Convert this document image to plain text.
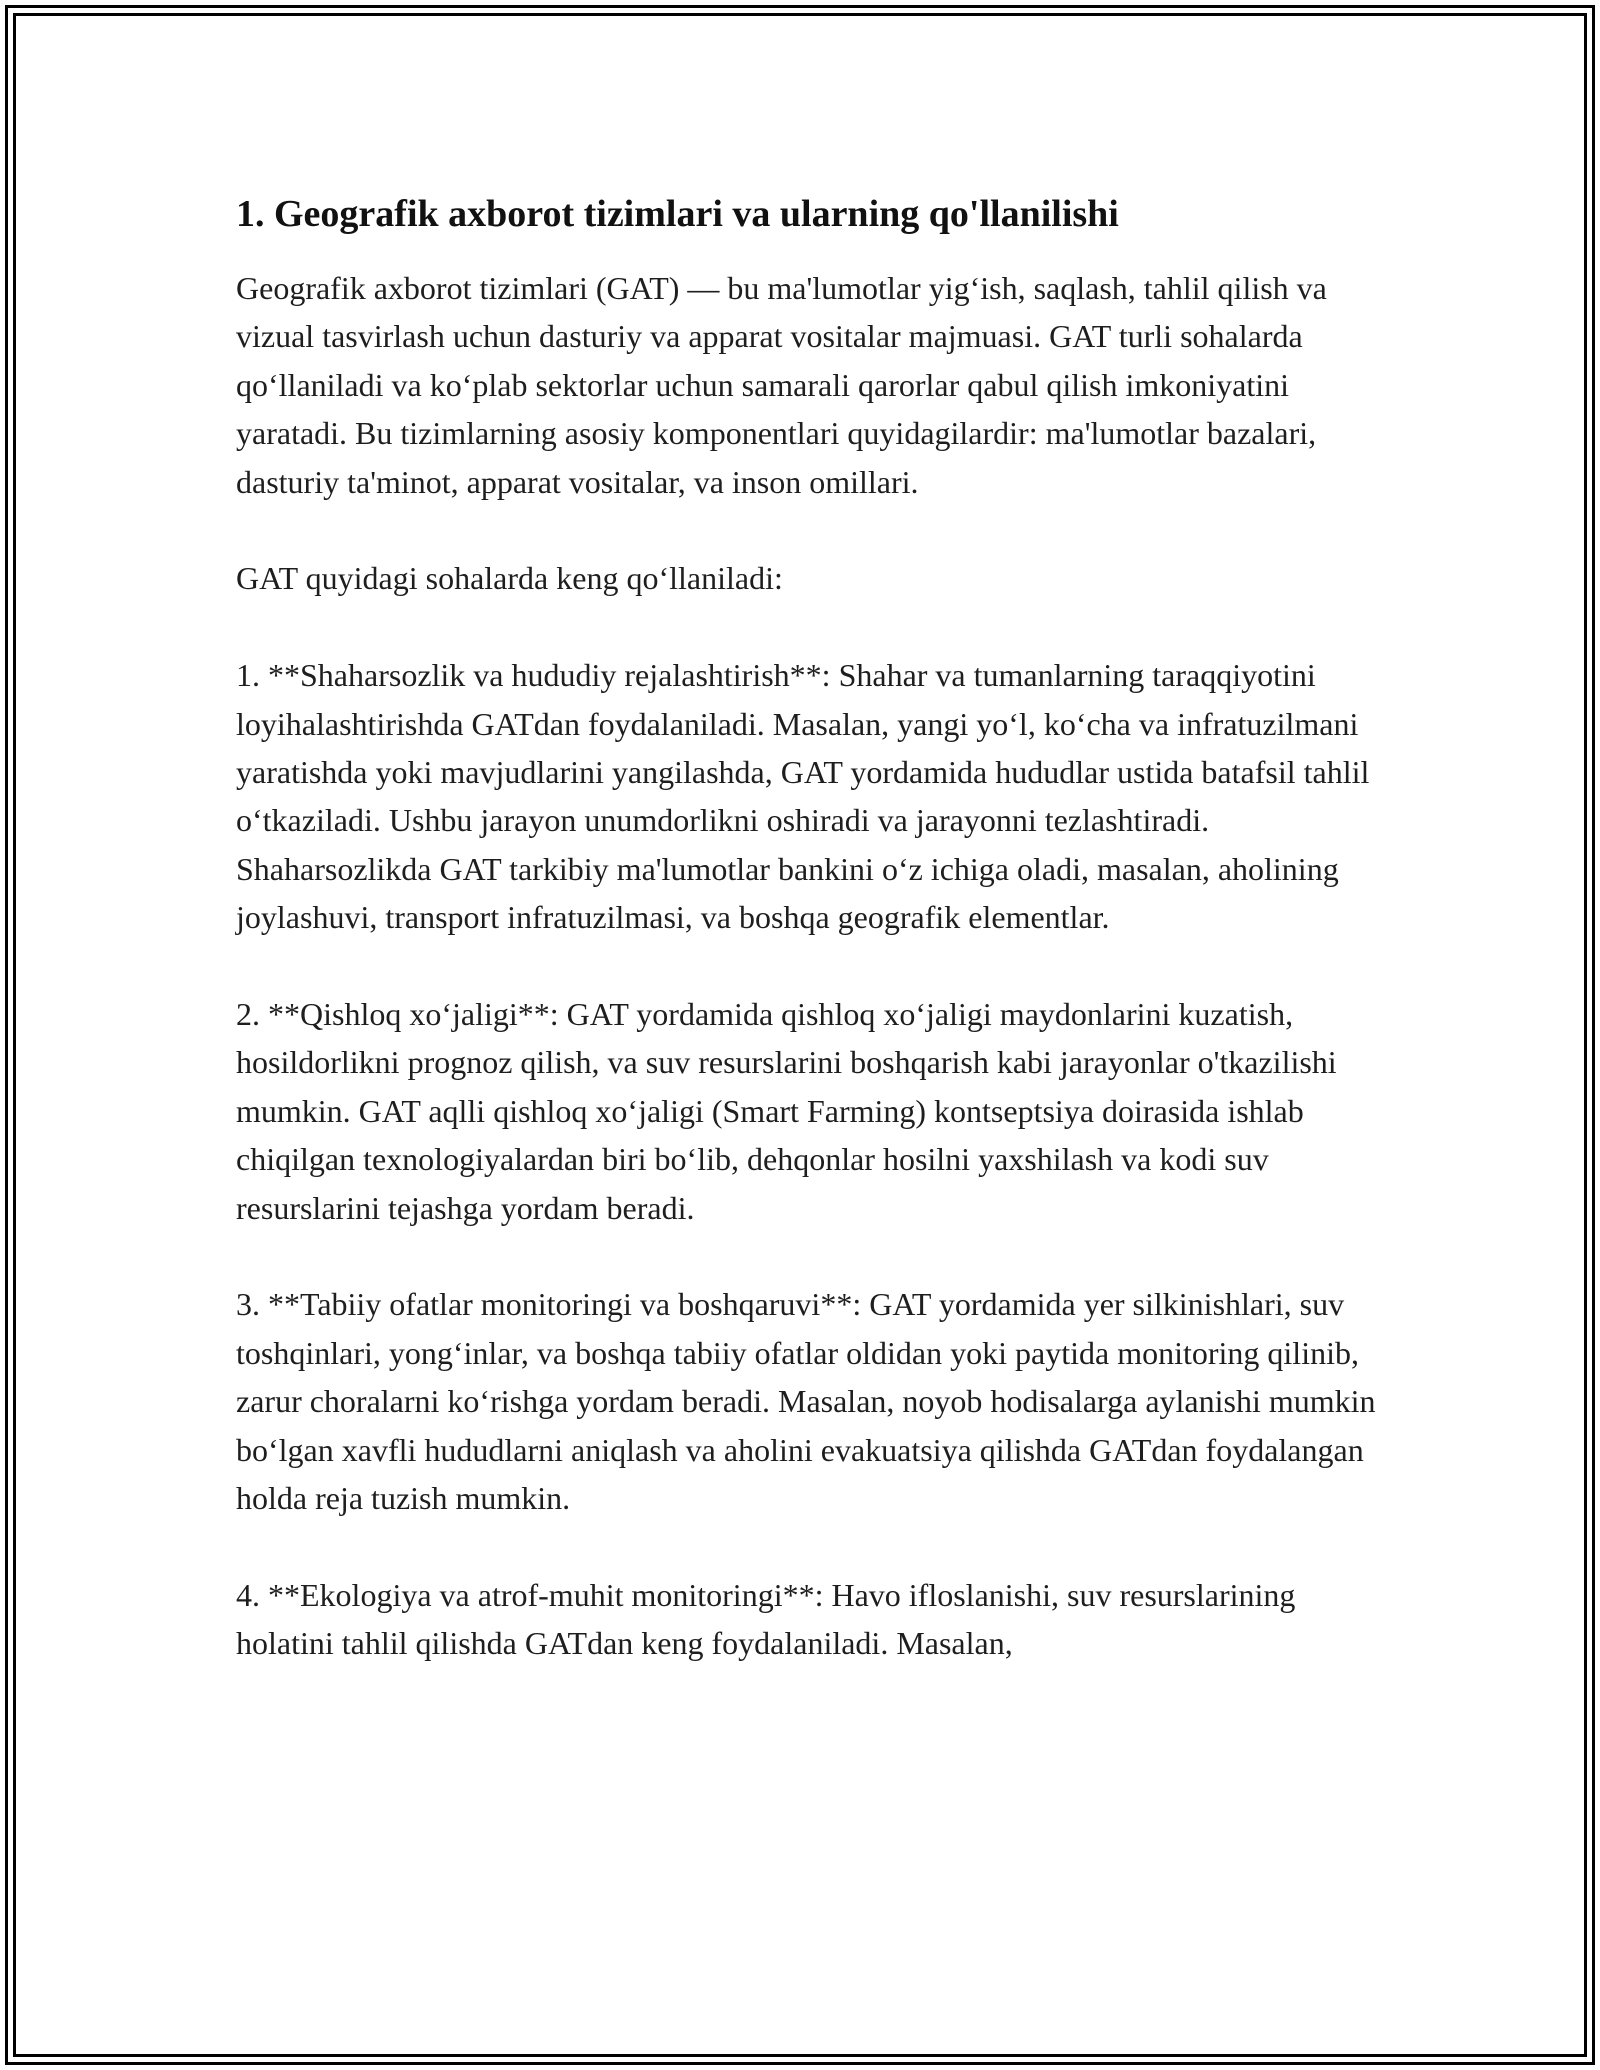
1. Geografik axborot tizimlari va ularning qo'llanilishi

Geografik axborot tizimlari (GAT) — bu ma'lumotlar yig‘ish, saqlash, tahlil qilish va vizual tasvirlash uchun dasturiy va apparat vositalar majmuasi. GAT turli sohalarda qo‘llaniladi va ko‘plab sektorlar uchun samarali qarorlar qabul qilish imkoniyatini yaratadi. Bu tizimlarning asosiy komponentlari quyidagilardir: ma'lumotlar bazalari, dasturiy ta'minot, apparat vositalar, va inson omillari.

GAT quyidagi sohalarda keng qo‘llaniladi:

1. **Shaharsozlik va hududiy rejalashtirish**: Shahar va tumanlarning taraqqiyotini loyihalashtirishda GATdan foydalaniladi. Masalan, yangi yo‘l, ko‘cha va infratuzilmani yaratishda yoki mavjudlarini yangilashda, GAT yordamida hududlar ustida batafsil tahlil o‘tkaziladi. Ushbu jarayon unumdorlikni oshiradi va jarayonni tezlashtiradi. Shaharsozlikda GAT tarkibiy ma'lumotlar bankini o‘z ichiga oladi, masalan, aholining joylashuvi, transport infratuzilmasi, va boshqa geografik elementlar.

2. **Qishloq xo‘jaligi**: GAT yordamida qishloq xo‘jaligi maydonlarini kuzatish, hosildorlikni prognoz qilish, va suv resurslarini boshqarish kabi jarayonlar o'tkazilishi mumkin. GAT aqlli qishloq xo‘jaligi (Smart Farming) kontseptsiya doirasida ishlab chiqilgan texnologiyalardan biri bo‘lib, dehqonlar hosilni yaxshilash va kodi suv resurslarini tejashga yordam beradi.

3. **Tabiiy ofatlar monitoringi va boshqaruvi**: GAT yordamida yer silkinishlari, suv toshqinlari, yong‘inlar, va boshqa tabiiy ofatlar oldidan yoki paytida monitoring qilinib, zarur choralarni ko‘rishga yordam beradi. Masalan, noyob hodisalarga aylanishi mumkin bo‘lgan xavfli hududlarni aniqlash va aholini evakuatsiya qilishda GATdan foydalangan holda reja tuzish mumkin.

4. **Ekologiya va atrof-muhit monitoringi**: Havo ifloslanishi, suv resurslarining holatini tahlil qilishda GATdan keng foydalaniladi. Masalan,
